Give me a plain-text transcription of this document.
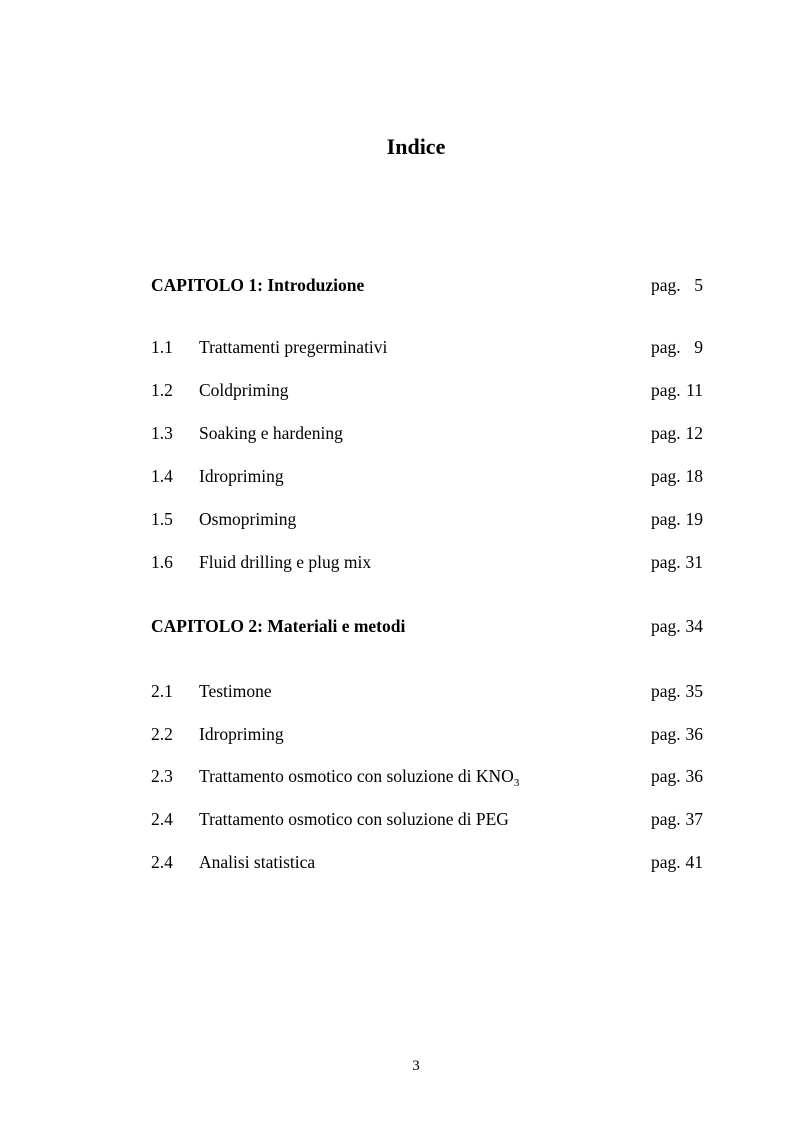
Indice
CAPITOLO 1: Introduzione	pag. 5
1.1 Trattamenti pregerminativi	pag. 9
1.2 Coldpriming	pag. 11
1.3 Soaking e hardening	pag. 12
1.4 Idropriming	pag. 18
1.5 Osmopriming	pag. 19
1.6 Fluid drilling e plug mix	pag. 31
CAPITOLO 2: Materiali e metodi	pag. 34
2.1 Testimone	pag. 35
2.2 Idropriming	pag. 36
2.3 Trattamento osmotico con soluzione di $KNO_3$	pag. 36
2.4 Trattamento osmotico con soluzione di PEG	pag. 37
2.4 Analisi statistica	pag. 41
3
